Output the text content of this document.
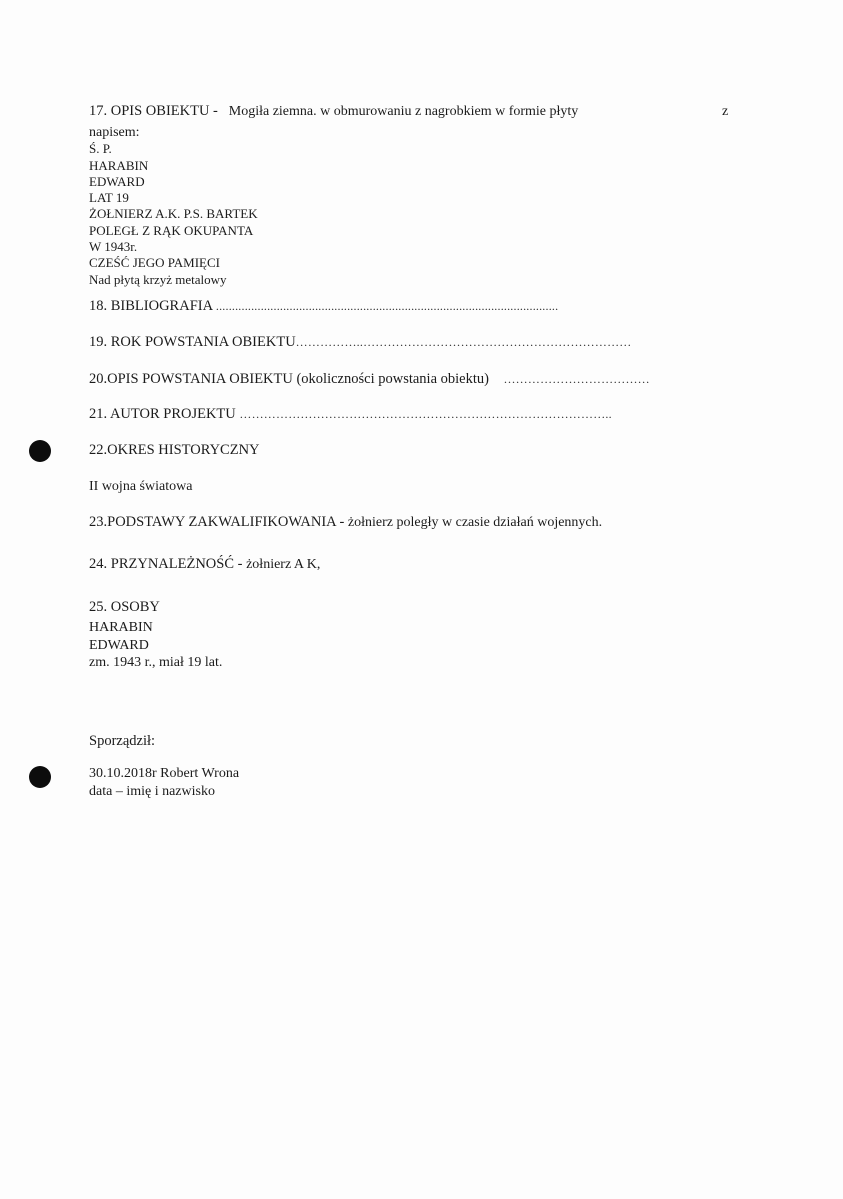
17. OPIS OBIEKTU - Mogiła ziemna. w obmurowaniu z nagrobkiem w formie płyty	z
napisem:
Ś. P.
HARABIN
EDWARD
LAT 19
ŻOŁNIERZ A.K. P.S. BARTEK
POLEGŁ Z RĄK OKUPANTA
W 1943r.
CZEŚĆ JEGO PAMIĘCI
Nad płytą krzyż metalowy
18. BIBLIOGRAFIA ...........................................................................................................
19. ROK POWSTANIA OBIEKTU……………..…………………………………………………………
20.OPIS POWSTANIA OBIEKTU (okoliczności powstania obiektu) ………………………………
21. AUTOR PROJEKTU ………………………………………………………………………………..
22.OKRES HISTORYCZNY
II wojna światowa
23.PODSTAWY ZAKWALIFIKOWANIA - żołnierz poległy w czasie działań wojennych.
24. PRZYNALEŻNOŚĆ - żołnierz A K,
25. OSOBY
HARABIN
EDWARD
zm. 1943 r., miał 19 lat.
Sporządził:
30.10.2018r Robert Wrona
data – imię i nazwisko
